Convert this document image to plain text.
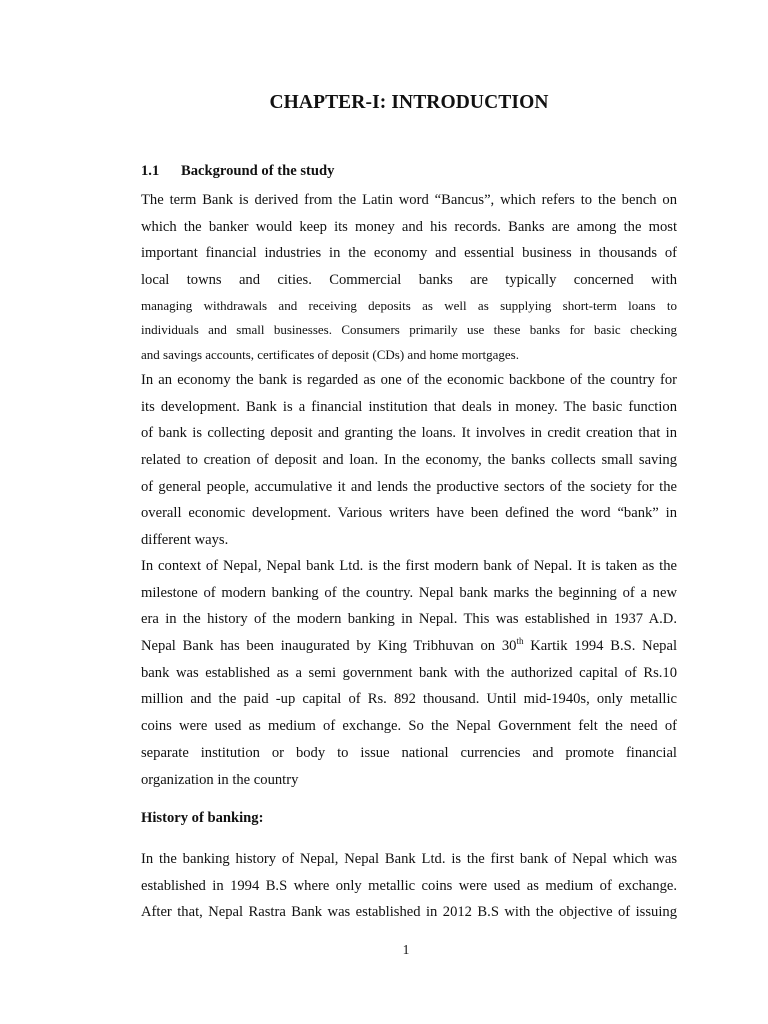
CHAPTER-I: INTRODUCTION
1.1 Background of the study
The term Bank is derived from the Latin word “Bancus”, which refers to the bench on
which the banker would keep its money and his records. Banks are among the most
important financial industries in the economy and essential business in thousands of
local towns and cities. Commercial banks are typically concerned with
managing withdrawals and receiving deposits as well as supplying short-term loans to
individuals and small businesses. Consumers primarily use these banks for basic checking
and savings accounts, certificates of deposit (CDs) and home mortgages.
In an economy the bank is regarded as one of the economic backbone of the country for
its development. Bank is a financial institution that deals in money. The basic function
of bank is collecting deposit and granting the loans. It involves in credit creation that in
related to creation of deposit and loan. In the economy, the banks collects small saving
of general people, accumulative it and lends the productive sectors of the society for the
overall economic development. Various writers have been defined the word “bank” in
different ways.
In context of Nepal, Nepal bank Ltd. is the first modern bank of Nepal. It is taken as the
milestone of modern banking of the country. Nepal bank marks the beginning of a new
era in the history of the modern banking in Nepal. This was established in 1937 A.D.
Nepal Bank has been inaugurated by King Tribhuvan on 30th Kartik 1994 B.S. Nepal
bank was established as a semi government bank with the authorized capital of Rs.10
million and the paid -up capital of Rs. 892 thousand. Until mid-1940s, only metallic
coins were used as medium of exchange. So the Nepal Government felt the need of
separate institution or body to issue national currencies and promote financial
organization in the country
History of banking:
In the banking history of Nepal, Nepal Bank Ltd. is the first bank of Nepal which was
established in 1994 B.S where only metallic coins were used as medium of exchange.
After that, Nepal Rastra Bank was established in 2012 B.S with the objective of issuing
1
